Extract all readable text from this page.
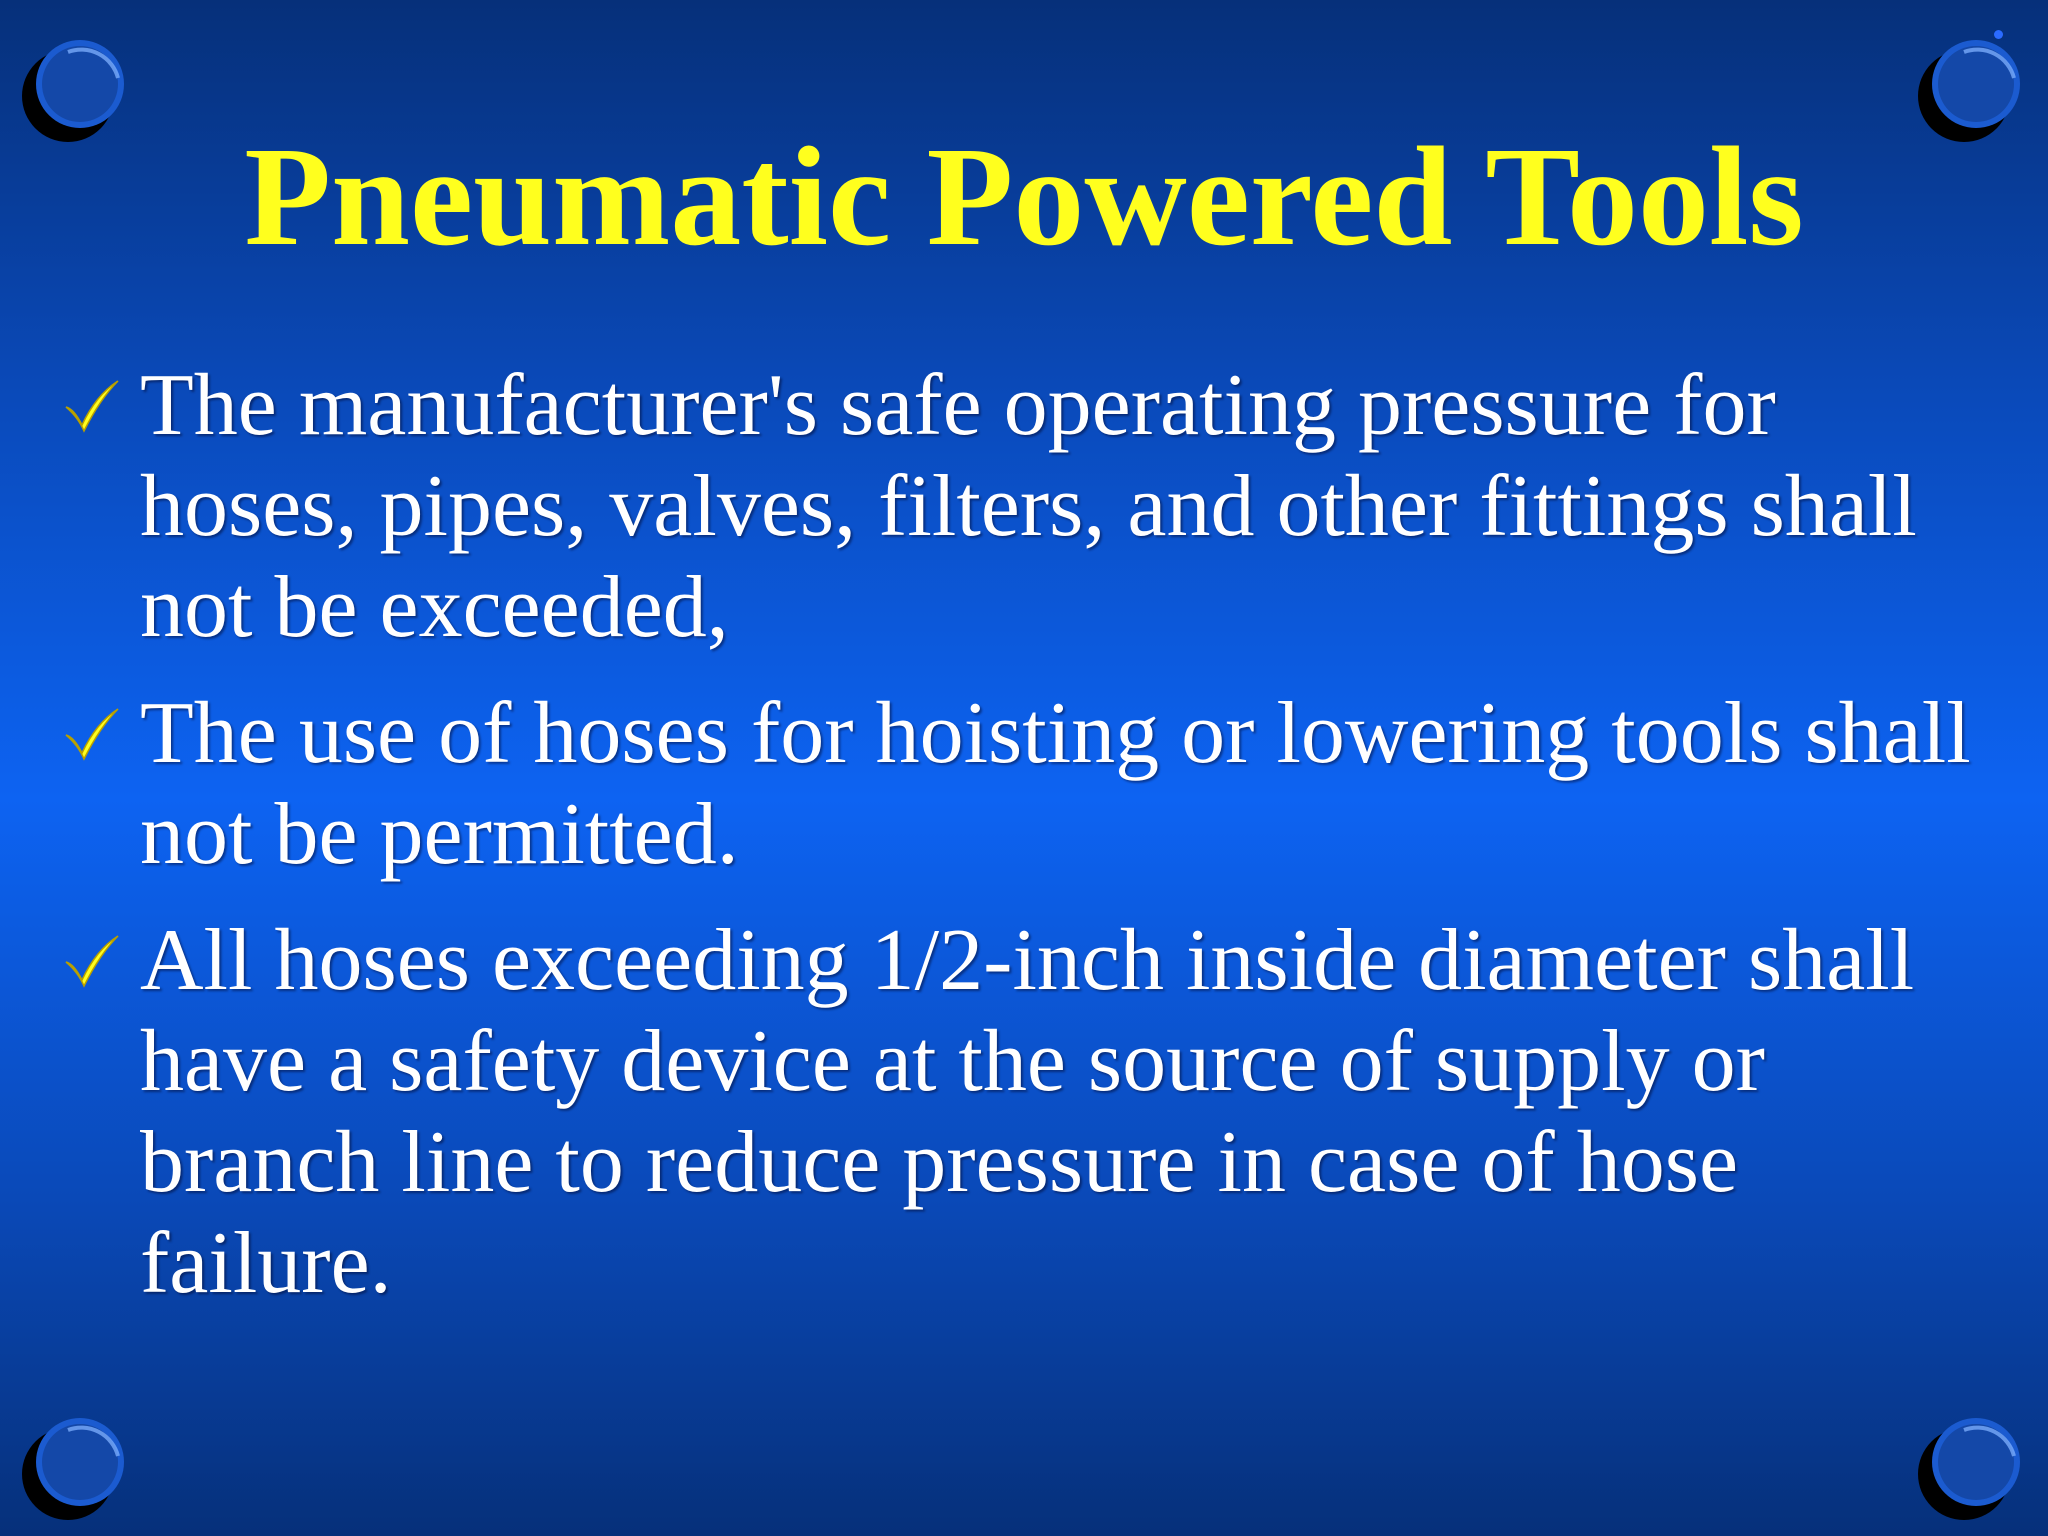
Pneumatic Powered Tools
The manufacturer's safe operating pressure for hoses, pipes, valves, filters, and other fittings shall not be exceeded,
The use of hoses for hoisting or lowering tools shall not be permitted.
All hoses exceeding 1/2-inch inside diameter shall have a safety device at the source of supply or branch line to reduce pressure in case of hose failure.
